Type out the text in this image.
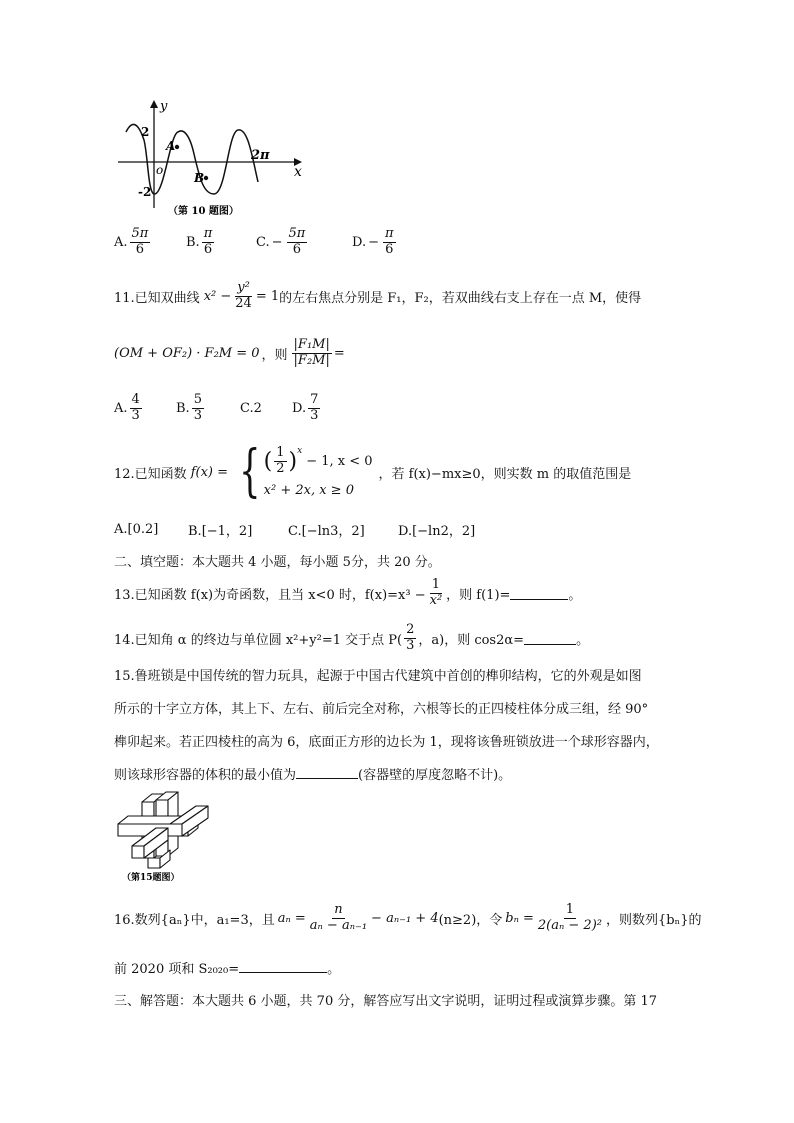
y
x
2
-2
o
2π
A
B
（第 10 题图）
A. $\frac{5\pi}{6}$	B. $\frac{\pi}{6}$	C. − $\frac{5\pi}{6}$	D. − $\frac{\pi}{6}$
11.已知双曲线 $x^2 - \frac{\text{y²}}{24} = 1$ 的左右焦点分别是 F₁，F₂，若双曲线右支上存在一点 M，使得
(OM + OF₂) · F₂M = 0 ，则 $\frac{\text{|F₁M|}}{\text{|F₂M|}}$ =
A. $\frac{4}{3}$	B. $\frac{5}{3}$	C.2	D. $\frac{7}{3}$
12.已知函数 f(x) = { ( $\frac{1}{2} )^x$
− 1, x < 0
x² + 2x, x ≥ 0
，若 f(x)−mx≥0，则实数 m 的取值范围是
A.[0.2]	B.[−1，2]	C.[−ln3，2]	D.[−ln2，2]
二、填空题：本大题共 4 小题，每小题 5分，共 20 分。
13.已知函数 f(x)为奇函数，且当 x<0 时，$f(x)=x^3 - \frac{1}{\text{x²}}$ ，则 f(1)=	。
14.已知角 α 的终边与单位圆 x²+y²=1 交于点 $P( \frac{2}{3}$ ，a)，则 cos2α=	。
15.鲁班锁是中国传统的智力玩具，起源于中国古代建筑中首创的榫卯结构，它的外观是如图
所示的十字立方体，其上下、左右、前后完全对称，六根等长的正四棱柱体分成三组，经 90°
榫卯起来。若正四棱柱的高为 6，底面正方形的边长为 1，现将该鲁班锁放进一个球形容器内，
则该球形容器的体积的最小值为	(容器壁的厚度忽略不计)。
（第15题图）
16.数列{aₙ}中，a₁=3，且 $a_n = \frac{n}{\text{aₙ − aₙ₋₁}} - a_{n-1} + 4$ (n≥2)，令 $b_n = \frac{1}{\text{2(aₙ − 2)²}}$ ，则数列{bₙ}的
前 2020 项和 S₂₀₂₀=	。
三、解答题：本大题共 6 小题，共 70 分，解答应写出文字说明，证明过程或演算步骤。第 17
